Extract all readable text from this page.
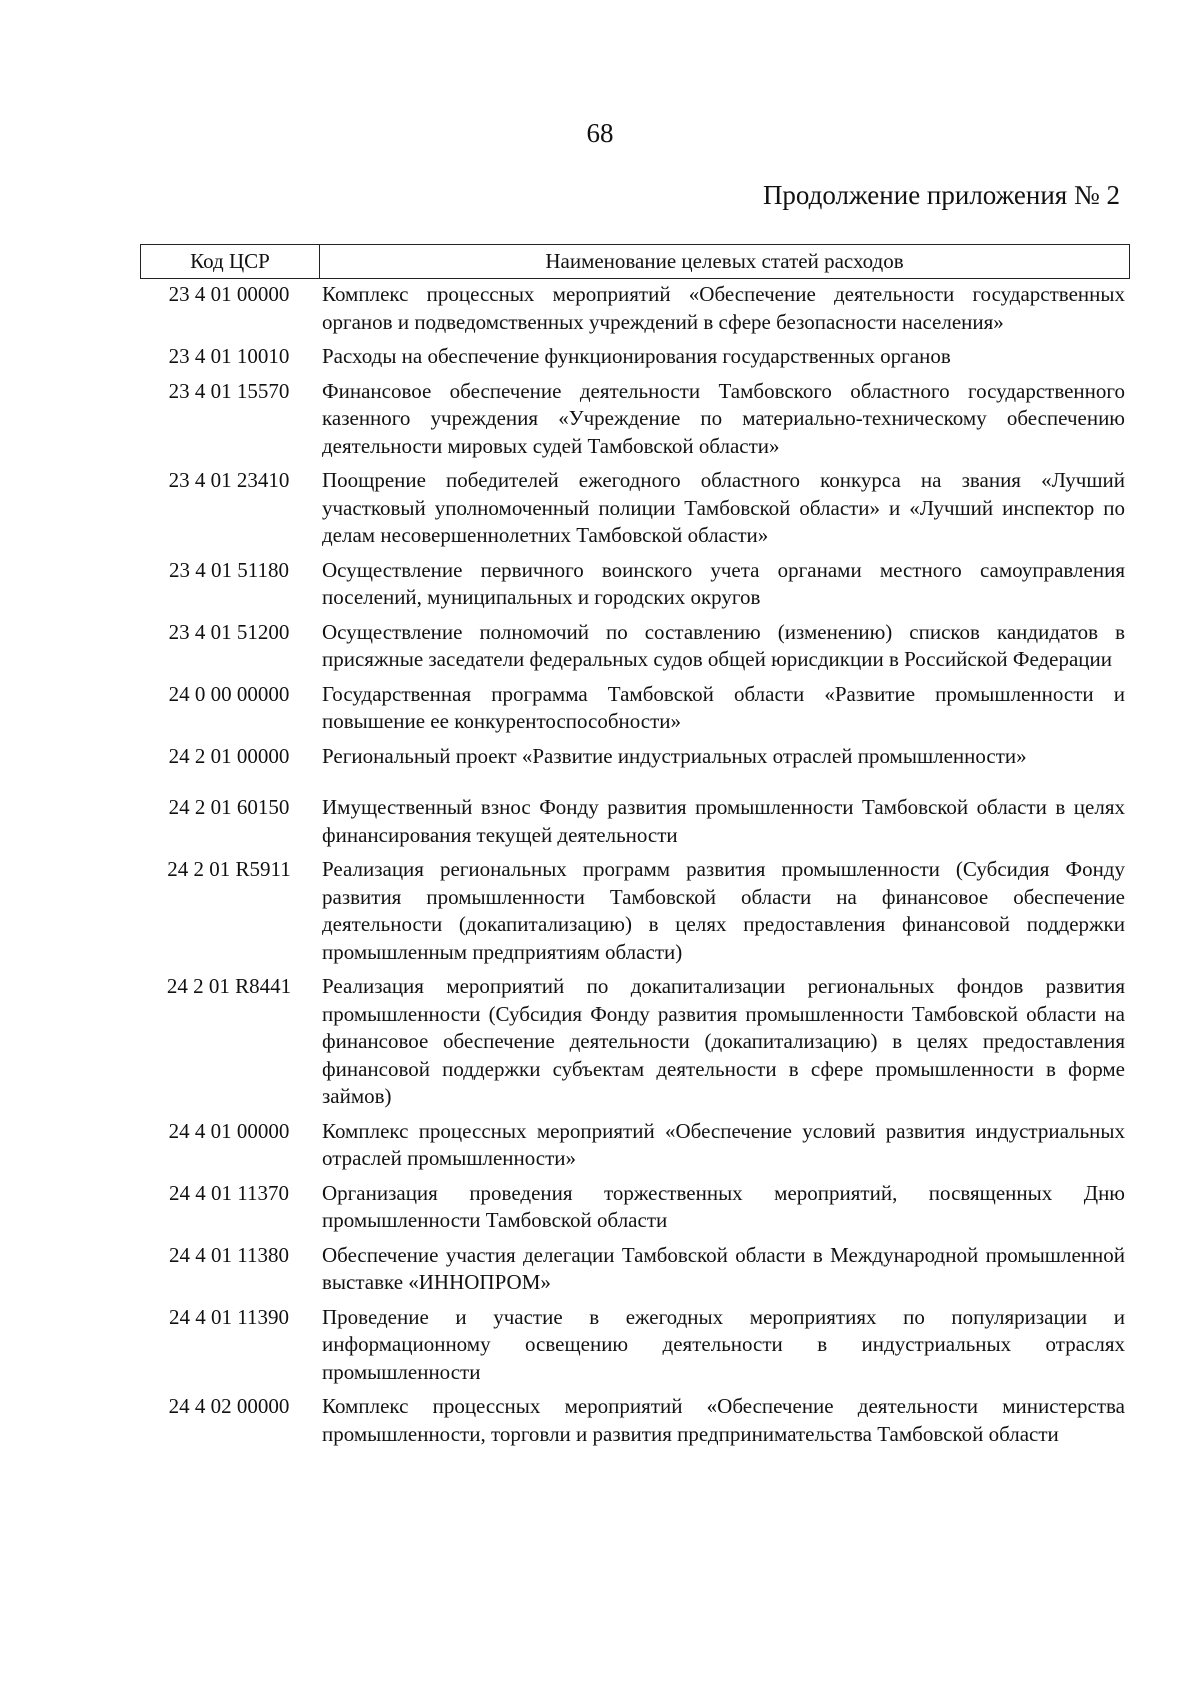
68
Продолжение приложения № 2
Код ЦСР	Наименование целевых статей расходов
23 4 01 00000	Комплекс процессных мероприятий «Обеспечение деятельности государственных органов и подведомственных учреждений в сфере безопасности населения»
23 4 01 10010	Расходы на обеспечение функционирования государственных органов
23 4 01 15570	Финансовое обеспечение деятельности Тамбовского областного государственного казенного учреждения «Учреждение по материально-техническому обеспечению деятельности мировых судей Тамбовской области»
23 4 01 23410	Поощрение победителей ежегодного областного конкурса на звания «Лучший участковый уполномоченный полиции Тамбовской области» и «Лучший инспектор по делам несовершеннолетних Тамбовской области»
23 4 01 51180	Осуществление первичного воинского учета органами местного самоуправления поселений, муниципальных и городских округов
23 4 01 51200	Осуществление полномочий по составлению (изменению) списков кандидатов в присяжные заседатели федеральных судов общей юрисдикции в Российской Федерации
24 0 00 00000	Государственная программа Тамбовской области «Развитие промышленности и повышение ее конкурентоспособности»
24 2 01 00000	Региональный проект «Развитие индустриальных отраслей промышленности»
24 2 01 60150	Имущественный взнос Фонду развития промышленности Тамбовской области в целях финансирования текущей деятельности
24 2 01 R5911	Реализация региональных программ развития промышленности (Субсидия Фонду развития промышленности Тамбовской области на финансовое обеспечение деятельности (докапитализацию) в целях предоставления финансовой поддержки промышленным предприятиям области)
24 2 01 R8441	Реализация мероприятий по докапитализации региональных фондов развития промышленности (Субсидия Фонду развития промышленности Тамбовской области на финансовое обеспечение деятельности (докапитализацию) в целях предоставления финансовой поддержки субъектам деятельности в сфере промышленности в форме займов)
24 4 01 00000	Комплекс процессных мероприятий «Обеспечение условий развития индустриальных отраслей промышленности»
24 4 01 11370	Организация проведения торжественных мероприятий, посвященных Дню промышленности Тамбовской области
24 4 01 11380	Обеспечение участия делегации Тамбовской области в Международной промышленной выставке «ИННОПРОМ»
24 4 01 11390	Проведение и участие в ежегодных мероприятиях по популяризации и информационному освещению деятельности в индустриальных отраслях промышленности
24 4 02 00000	Комплекс процессных мероприятий «Обеспечение деятельности министерства промышленности, торговли и развития предпринимательства Тамбовской области
